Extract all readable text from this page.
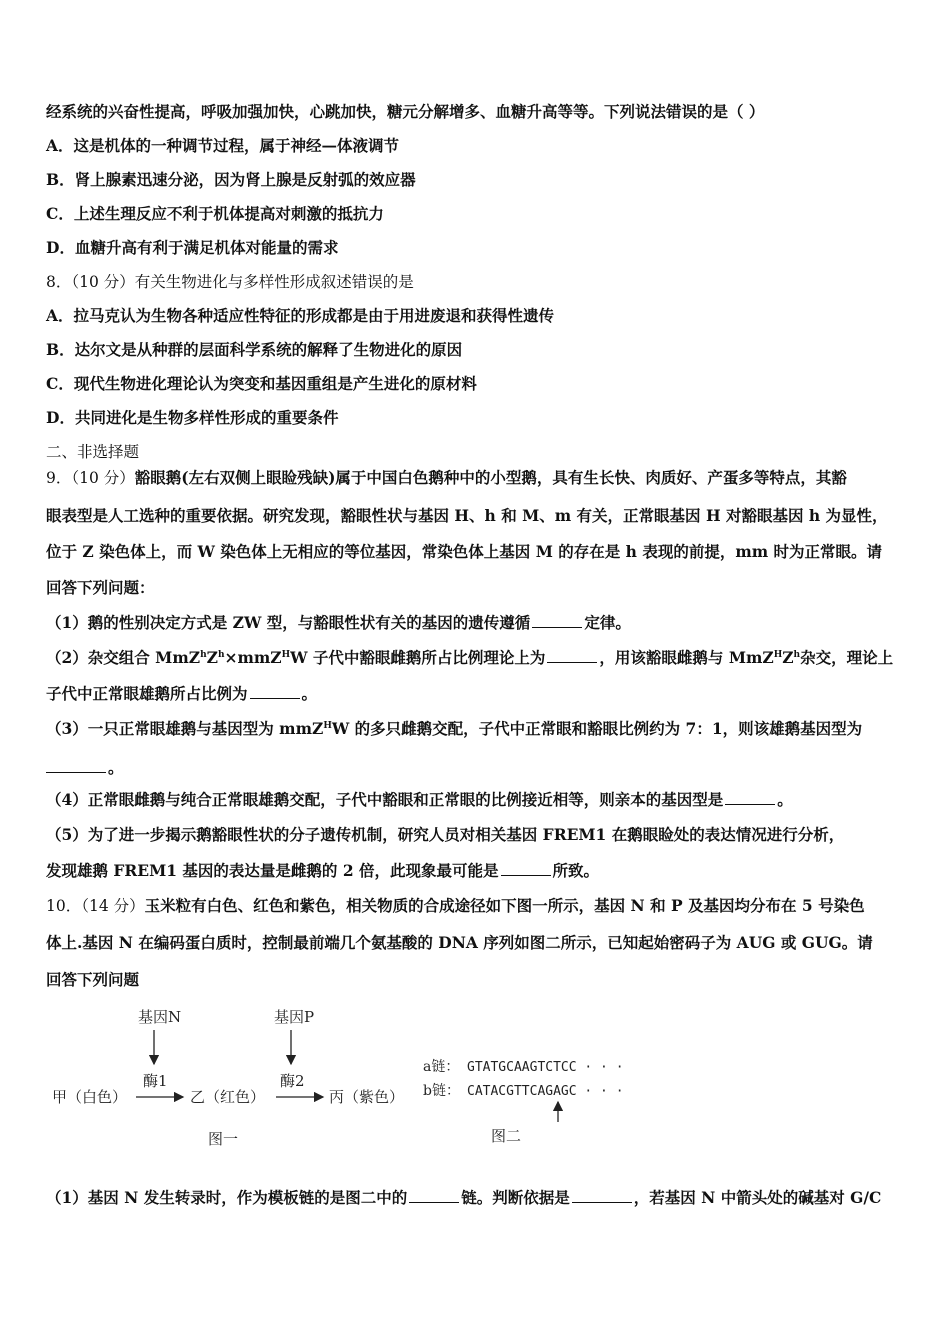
经系统的兴奋性提高，呼吸加强加快，心跳加快，糖元分解增多、血糖升高等等。下列说法错误的是（ ）
A．这是机体的一种调节过程，属于神经—体液调节
B．肾上腺素迅速分泌，因为肾上腺是反射弧的效应器
C．上述生理反应不利于机体提高对刺激的抵抗力
D．血糖升高有利于满足机体对能量的需求
8．（10 分）有关生物进化与多样性形成叙述错误的是
A．拉马克认为生物各种适应性特征的形成都是由于用进废退和获得性遗传
B．达尔文是从种群的层面科学系统的解释了生物进化的原因
C．现代生物进化理论认为突变和基因重组是产生进化的原材料
D．共同进化是生物多样性形成的重要条件
二、非选择题
9．（10 分）豁眼鹅(左右双侧上眼睑残缺)属于中国白色鹅种中的小型鹅，具有生长快、肉质好、产蛋多等特点，其豁
眼表型是人工选种的重要依据。研究发现，豁眼性状与基因 H、h 和 M、m 有关，正常眼基因 H 对豁眼基因 h 为显性，
位于 Z 染色体上，而 W 染色体上无相应的等位基因，常染色体上基因 M 的存在是 h 表现的前提，mm 时为正常眼。请
回答下列问题：
（1）鹅的性别决定方式是 ZW 型，与豁眼性状有关的基因的遗传遵循	定律。
（2）杂交组合 $MmZ^hZ^h\times mmZ^HW$ 子代中豁眼雌鹅所占比例理论上为	，用该豁眼雌鹅与 $MmZ^HZ^h$杂交，理论上
子代中正常眼雄鹅所占比例为	。
（3）一只正常眼雄鹅与基因型为 mmZ$^H$W 的多只雌鹅交配，子代中正常眼和豁眼比例约为 7：1，则该雄鹅基因型为
。
（4）正常眼雌鹅与纯合正常眼雄鹅交配，子代中豁眼和正常眼的比例接近相等，则亲本的基因型是	。
（5）为了进一步揭示鹅豁眼性状的分子遗传机制，研究人员对相关基因 FREM1 在鹅眼睑处的表达情况进行分析，
发现雄鹅 FREM1 基因的表达量是雌鹅的 2 倍，此现象最可能是	所致。
10．（14 分）玉米粒有白色、红色和紫色，相关物质的合成途径如下图一所示，基因 N 和 P 及基因均分布在 5 号染色
体上.基因 N 在编码蛋白质时，控制最前端几个氨基酸的 DNA 序列如图二所示，已知起始密码子为 AUG 或 GUG。请
回答下列问题
基因N	基因P
酶1	酶2
甲（白色）	乙（红色）	丙（紫色）
图一
a链： GTATGCAAGTCTCC · · ·
b链： CATACGTTCAGAGC · · ·
图二
（1）基因 N 发生转录时，作为模板链的是图二中的	链。判断依据是	，若基因 N 中箭头处的碱基对 G/C
